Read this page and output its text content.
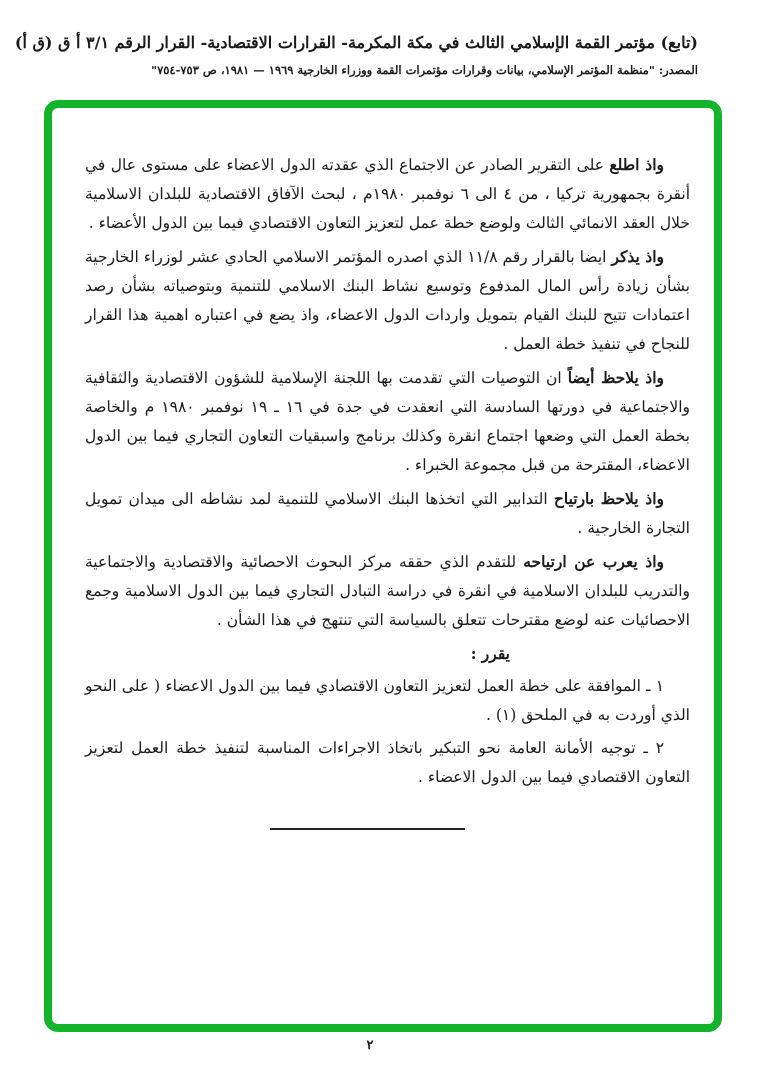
(تابع) مؤتمر القمة الإسلامي الثالث في مكة المكرمة- القرارات الاقتصادية- القرار الرقم ٣/١ أ ق (ق أ)
المصدر: "منظمة المؤتمر الإسلامي، بيانات وقرارات مؤتمرات القمة ووزراء الخارجية ١٩٦٩ — ١٩٨١، ص ٧٥٣-٧٥٤"

واذ اطلع على التقرير الصادر عن الاجتماع الذي عقدته الدول الاعضاء على مستوى عال في أنقرة بجمهورية تركيا ، من ٤ الى ٦ نوفمبر ١٩٨٠م ، لبحث الآفاق الاقتصادية للبلدان الاسلامية خلال العقد الانمائي الثالث ولوضع خطة عمل لتعزيز التعاون الاقتصادي فيما بين الدول الأعضاء .

واذ يذكر ايضا بالقرار رقم ١١/٨ الذي اصدره المؤتمر الاسلامي الحادي عشر لوزراء الخارجية بشأن زيادة رأس المال المدفوع وتوسيع نشاط البنك الاسلامي للتنمية وبتوصياته بشأن رصد اعتمادات تتيح للبنك القيام بتمويل واردات الدول الاعضاء، واذ يضع في اعتباره اهمية هذا القرار للنجاح في تنفيذ خطة العمل .

واذ يلاحظ أيضاً ان التوصيات التي تقدمت بها اللجنة الإسلامية للشؤون الاقتصادية والثقافية والاجتماعية في دورتها السادسة التي انعقدت في جدة في ١٦ ـ ١٩ نوفمبر ١٩٨٠ م والخاصة بخطة العمل التي وضعها اجتماع انقرة وكذلك برنامج واسبقيات التعاون التجاري فيما بين الدول الاعضاء، المقترحة من قبل مجموعة الخبراء .

واذ يلاحظ بارتياح التدابير التي اتخذها البنك الاسلامي للتنمية لمد نشاطه الى ميدان تمويل التجارة الخارجية .

واذ يعرب عن ارتياحه للتقدم الذي حققه مركز البحوث الاحصائية والاقتصادية والاجتماعية والتدريب للبلدان الاسلامية في انقرة في دراسة التبادل التجاري فيما بين الدول الاسلامية وجمع الاحصائيات عنه لوضع مقترحات تتعلق بالسياسة التي تنتهج في هذا الشأن .

يقرر :

١ ـ الموافقة على خطة العمل لتعزيز التعاون الاقتصادي فيما بين الدول الاعضاء ( على النحو الذي أوردت به في الملحق (١) .

٢ ـ توجيه الأمانة العامة نحو التبكير باتخاذ الاجراءات المناسبة لتنفيذ خطة العمل لتعزيز التعاون الاقتصادي فيما بين الدول الاعضاء .

٢
